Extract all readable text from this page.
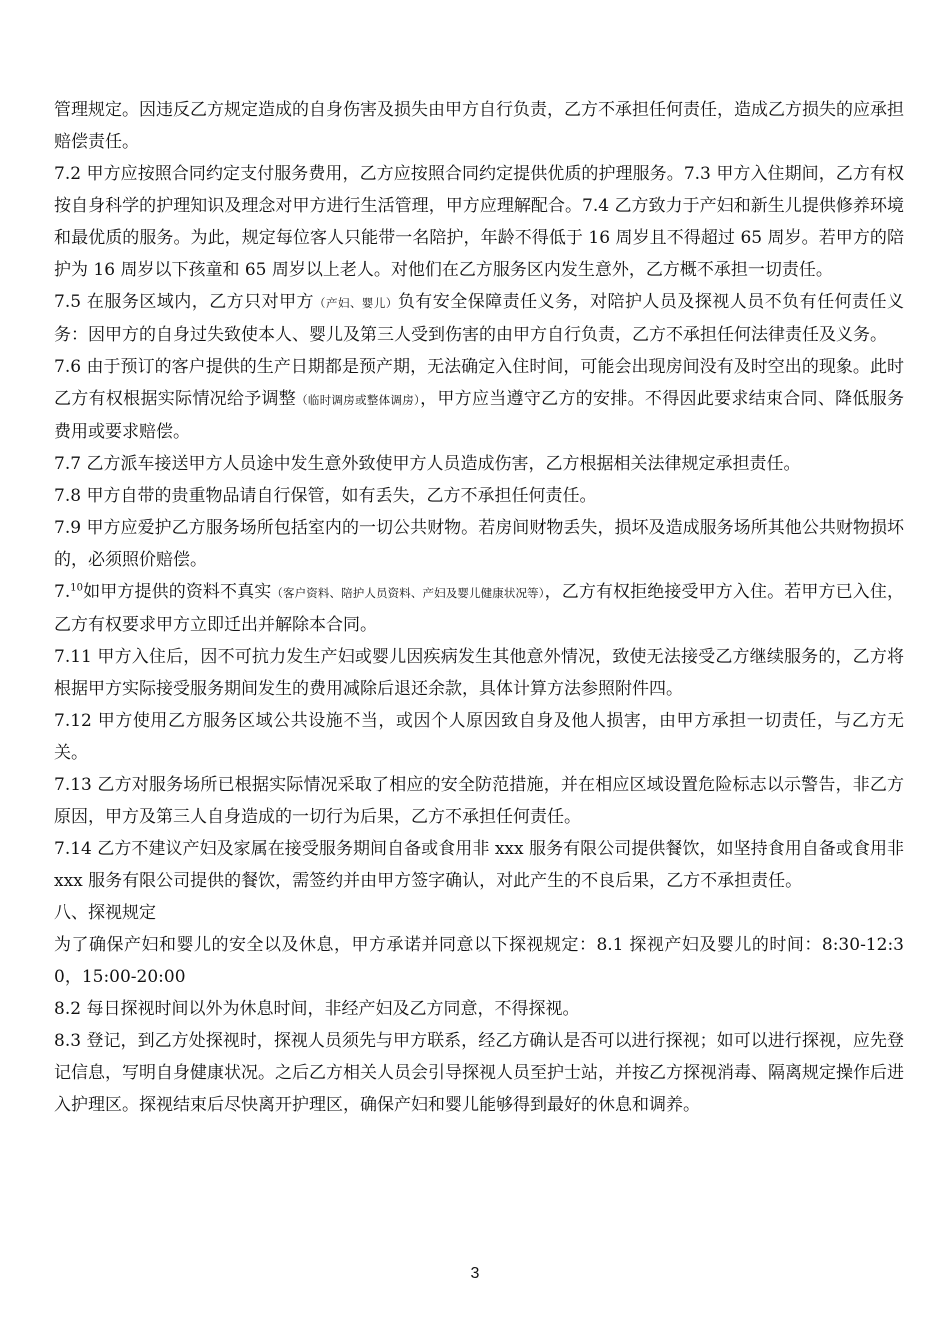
管理规定。因违反乙方规定造成的自身伤害及损失由甲方自行负责，乙方不承担任何责任，造成乙方损失的应承担赔偿责任。

7.2 甲方应按照合同约定支付服务费用，乙方应按照合同约定提供优质的护理服务。7.3 甲方入住期间，乙方有权按自身科学的护理知识及理念对甲方进行生活管理，甲方应理解配合。7.4 乙方致力于产妇和新生儿提供修养环境和最优质的服务。为此，规定每位客人只能带一名陪护，年龄不得低于 16 周岁且不得超过 65 周岁。若甲方的陪护为 16 周岁以下孩童和 65 周岁以上老人。对他们在乙方服务区内发生意外，乙方概不承担一切责任。

7.5 在服务区域内，乙方只对甲方（产妇、婴儿）负有安全保障责任义务，对陪护人员及探视人员不负有任何责任义务：因甲方的自身过失致使本人、婴儿及第三人受到伤害的由甲方自行负责，乙方不承担任何法律责任及义务。

7.6 由于预订的客户提供的生产日期都是预产期，无法确定入住时间，可能会出现房间没有及时空出的现象。此时乙方有权根据实际情况给予调整（临时调房或整体调房），甲方应当遵守乙方的安排。不得因此要求结束合同、降低服务费用或要求赔偿。

7.7 乙方派车接送甲方人员途中发生意外致使甲方人员造成伤害，乙方根据相关法律规定承担责任。

7.8 甲方自带的贵重物品请自行保管，如有丢失，乙方不承担任何责任。

7.9 甲方应爱护乙方服务场所包括室内的一切公共财物。若房间财物丢失，损坏及造成服务场所其他公共财物损坏的，必须照价赔偿。

7.10如甲方提供的资料不真实（客户资料、陪护人员资料、产妇及婴儿健康状况等），乙方有权拒绝接受甲方入住。若甲方已入住，乙方有权要求甲方立即迁出并解除本合同。

7.11 甲方入住后，因不可抗力发生产妇或婴儿因疾病发生其他意外情况，致使无法接受乙方继续服务的，乙方将根据甲方实际接受服务期间发生的费用减除后退还余款，具体计算方法参照附件四。

7.12 甲方使用乙方服务区域公共设施不当，或因个人原因致自身及他人损害，由甲方承担一切责任，与乙方无关。

7.13 乙方对服务场所已根据实际情况采取了相应的安全防范措施，并在相应区域设置危险标志以示警告，非乙方原因，甲方及第三人自身造成的一切行为后果，乙方不承担任何责任。

7.14 乙方不建议产妇及家属在接受服务期间自备或食用非 xxx 服务有限公司提供餐饮，如坚持食用自备或食用非 xxx 服务有限公司提供的餐饮，需签约并由甲方签字确认，对此产生的不良后果，乙方不承担责任。

八、探视规定

为了确保产妇和婴儿的安全以及休息，甲方承诺并同意以下探视规定：8.1 探视产妇及婴儿的时间：8:30-12:30，15:00-20:00

8.2 每日探视时间以外为休息时间，非经产妇及乙方同意，不得探视。

8.3 登记，到乙方处探视时，探视人员须先与甲方联系，经乙方确认是否可以进行探视；如可以进行探视，应先登记信息，写明自身健康状况。之后乙方相关人员会引导探视人员至护士站，并按乙方探视消毒、隔离规定操作后进入护理区。探视结束后尽快离开护理区，确保产妇和婴儿能够得到最好的休息和调养。

3
